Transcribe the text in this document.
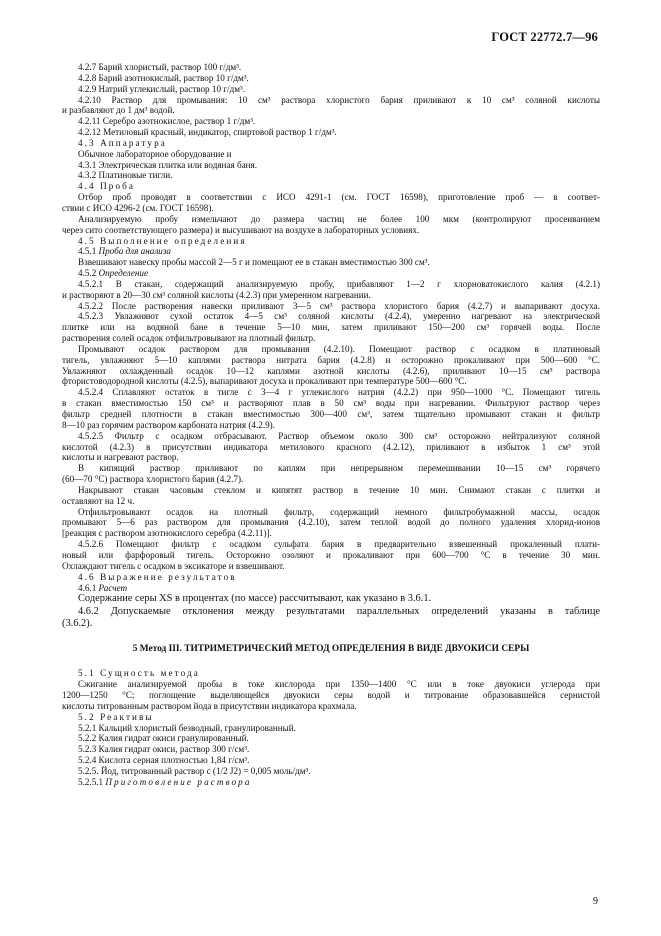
ГОСТ 22772.7—96
4.2.7 Барий хлористый, раствор 100 г/дм³.
4.2.8 Барий азотнокислый, раствор 10 г/дм³.
4.2.9 Натрий углекислый, раствор 10 г/дм³.
4.2.10 Раствор для промывания: 10 см³ раствора хлористого бария приливают к 10 см³ соляной кислоты
и разбавляют до 1 дм³ водой.
4.2.11 Серебро азотнокислое, раствор 1 г/дм³.
4.2.12 Метиловый красный, индикатор, спиртовой раствор 1 г/дм³.
4.3 Аппаратура
Обычное лабораторное оборудование и
4.3.1 Электрическая плитка или водяная баня.
4.3.2 Платиновые тигли.
4.4 Проба
Отбор проб проводят в соответствии с ИСО 4291-1 (см. ГОСТ 16598), приготовление проб — в соответ-
ствии с ИСО 4296-2 (см. ГОСТ 16598).
Анализируемую пробу измельчают до размера частиц не более 100 мкм (контролируют просеиванием
через сито соответствующего размера) и высушивают на воздухе в лабораторных условиях.
4.5 Выполнение определения
4.5.1 Проба для анализа
Взвешивают навеску пробы массой 2—5 г и помещают ее в стакан вместимостью 300 см³.
4.5.2 Определение
4.5.2.1 В стакан, содержащий анализируемую пробу, прибавляют 1—2 г хлорноватокислого калия (4.2.1)
и растворяют в 20—30 см³ соляной кислоты (4.2.3) при умеренном нагревании.
4.5.2.2 После растворения навески приливают 3—5 см³ раствора хлористого бария (4.2.7) и выпаривают досуха.
4.5.2.3 Увлажняют сухой остаток 4—5 см³ соляной кислоты (4.2.4), умеренно нагревают на электрической
плитке или на водяной бане в течение 5—10 мин, затем приливают 150—200 см³ горячей воды. После
растворения солей осадок отфильтровывают на плотный фильтр.
Промывают осадок раствором для промывания (4.2.10). Помещают раствор с осадком в платиновый
тигель, увлажняют 5—10 каплями раствора нитрата бария (4.2.8) и осторожно прокаливают при 500—600 °С.
Увлажняют охлажденный осадок 10—12 каплями азотной кислоты (4.2.6), приливают 10—15 см³ раствора
фтористоводородной кислоты (4.2.5), выпаривают досуха и прокаливают при температуре 500—600 °С.
4.5.2.4 Сплавляют остаток в тигле с 3—4 г углекислого натрия (4.2.2) при 950—1000 °С. Помещают тигель
в стакан вместимостью 150 см³ и растворяют плав в 50 см³ воды при нагревании. Фильтруют раствор через
фильтр средней плотности в стакан вместимостью 300—400 см³, затем тщательно промывают стакан и фильтр
8—10 раз горячим раствором карбоната натрия (4.2.9).
4.5.2.5 Фильтр с осадком отбрасывают. Раствор объемом около 300 см³ осторожно нейтрализуют соляной
кислотой (4.2.3) в присутствии индикатора метилового красного (4.2.12), приливают в избыток 1 см³ этой
кислоты и нагревают раствор.
В кипящий раствор приливают по каплям при непрерывном перемешивании 10—15 см³ горячего
(60—70 °С) раствора хлористого бария (4.2.7).
Накрывают стакан часовым стеклом и кипятят раствор в течение 10 мин. Снимают стакан с плитки и
оставляют на 12 ч.
Отфильтровывают осадок на плотный фильтр, содержащий немного фильтробумажной массы, осадок
промывают 5—6 раз раствором для промывания (4.2.10), затем теплой водой до полного удаления хлорид-ионов
[реакция с раствором азотнокислого серебра (4.2.11)].
4.5.2.6 Помещают фильтр с осадком сульфата бария в предварительно взвешенный прокаленный плати-
новый или фарфоровый тигель. Осторожно озоляют и прокаливают при 600—700 °С в течение 30 мин.
Охлаждают тигель с осадком в эксикаторе и взвешивают.
4.6 Выражение результатов
4.6.1 Расчет
Содержание серы XS в процентах (по массе) рассчитывают, как указано в 3.6.1.
4.6.2 Допускаемые отклонения между результатами параллельных определений указаны в таблице
(3.6.2).
5 Метод III. ТИТРИМЕТРИЧЕСКИЙ МЕТОД ОПРЕДЕЛЕНИЯ В ВИДЕ ДВУОКИСИ СЕРЫ
5.1 Сущность метода
Сжигание анализируемой пробы в токе кислорода при 1350—1400 °С или в токе двуокиси углерода при
1200—1250 °С; поглощение выделяющейся двуокиси серы водой и титрование образовавшейся сернистой
кислоты титрованным раствором йода в присутствии индикатора крахмала.
5.2 Реактивы
5.2.1 Кальций хлористый безводный, гранулированный.
5.2.2 Калия гидрат окиси гранулированный.
5.2.3 Калия гидрат окиси, раствор 300 г/см³.
5.2.4 Кислота серная плотностью 1,84 г/см³.
5.2.5. Йод, титрованный раствор с (1/2 J2) = 0,005 моль/дм³.
5.2.5.1 Приготовление раствора
9
